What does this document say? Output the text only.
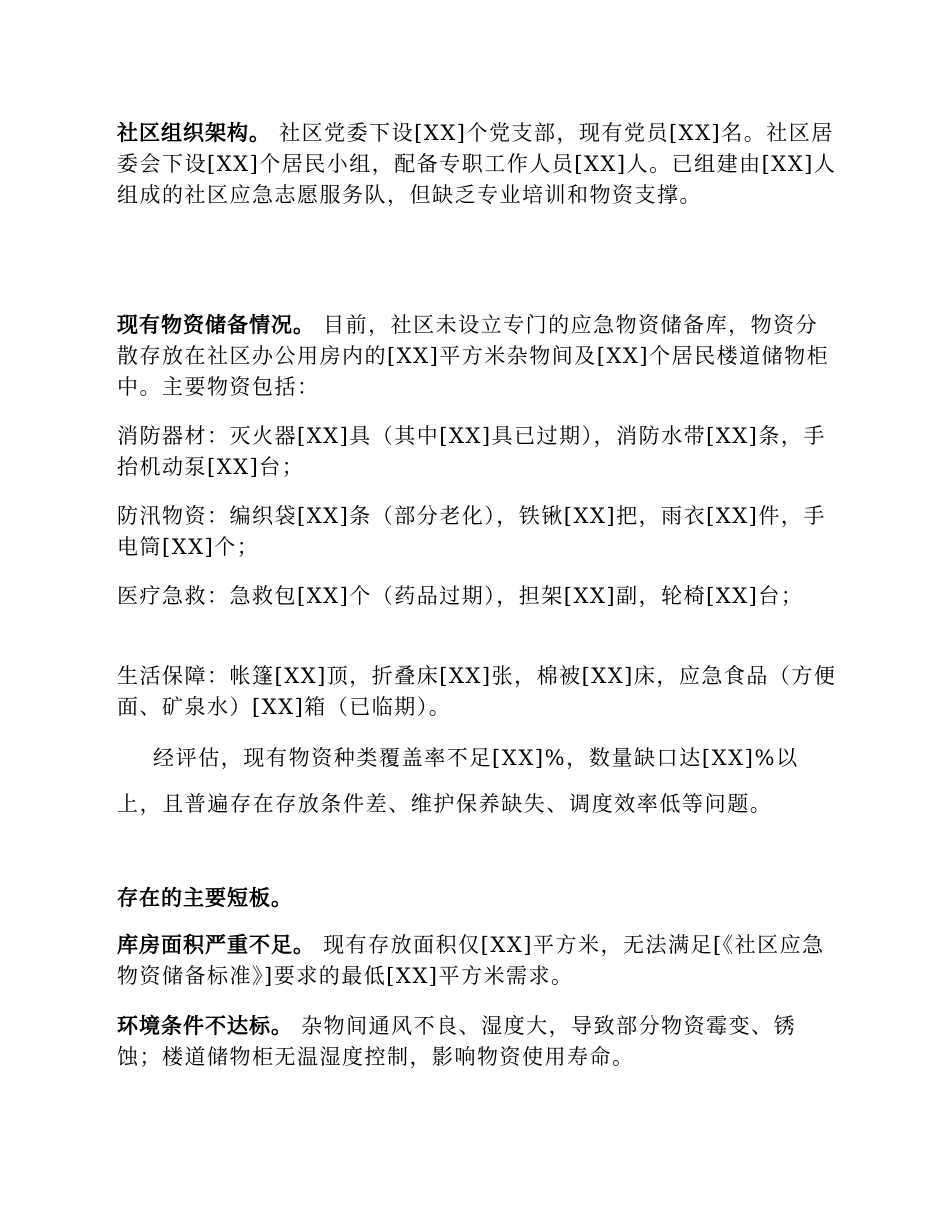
社区组织架构。 社区党委下设[XX]个党支部，现有党员[XX]名。社区居委会下设[XX]个居民小组，配备专职工作人员[XX]人。已组建由[XX]人组成的社区应急志愿服务队，但缺乏专业培训和物资支撑。

现有物资储备情况。 目前，社区未设立专门的应急物资储备库，物资分散存放在社区办公用房内的[XX]平方米杂物间及[XX]个居民楼道储物柜中。主要物资包括：

消防器材：灭火器[XX]具（其中[XX]具已过期），消防水带[XX]条，手抬机动泵[XX]台；

防汛物资：编织袋[XX]条（部分老化），铁锹[XX]把，雨衣[XX]件，手电筒[XX]个；

医疗急救：急救包[XX]个（药品过期），担架[XX]副，轮椅[XX]台；

生活保障：帐篷[XX]顶，折叠床[XX]张，棉被[XX]床，应急食品（方便面、矿泉水）[XX]箱（已临期）。

经评估，现有物资种类覆盖率不足[XX]%，数量缺口达[XX]%以上，且普遍存在存放条件差、维护保养缺失、调度效率低等问题。

存在的主要短板。

库房面积严重不足。 现有存放面积仅[XX]平方米，无法满足[《社区应急物资储备标准》]要求的最低[XX]平方米需求。

环境条件不达标。 杂物间通风不良、湿度大，导致部分物资霉变、锈蚀；楼道储物柜无温湿度控制，影响物资使用寿命。
